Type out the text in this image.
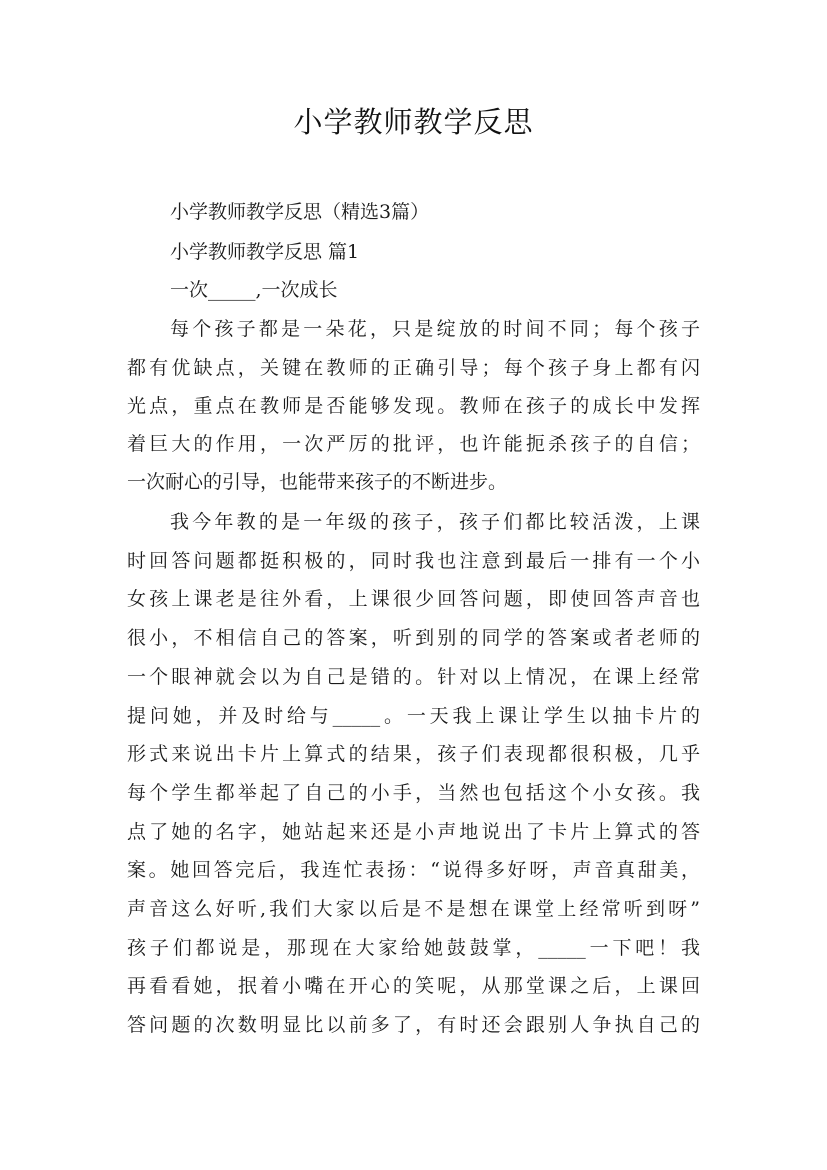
小学教师教学反思

小学教师教学反思（精选3篇）

小学教师教学反思 篇1

一次_____,一次成长

每个孩子都是一朵花，只是绽放的时间不同；每个孩子

都有优缺点，关键在教师的正确引导；每个孩子身上都有闪

光点，重点在教师是否能够发现。教师在孩子的成长中发挥

着巨大的作用，一次严厉的批评，也许能扼杀孩子的自信；

一次耐心的引导，也能带来孩子的不断进步。

我今年教的是一年级的孩子，孩子们都比较活泼，上课

时回答问题都挺积极的，同时我也注意到最后一排有一个小

女孩上课老是往外看，上课很少回答问题，即使回答声音也

很小，不相信自己的答案，听到别的同学的答案或者老师的

一个眼神就会以为自己是错的。针对以上情况，在课上经常

提问她，并及时给与_____。一天我上课让学生以抽卡片的

形式来说出卡片上算式的结果，孩子们表现都很积极，几乎

每个学生都举起了自己的小手，当然也包括这个小女孩。我

点了她的名字，她站起来还是小声地说出了卡片上算式的答

案。她回答完后，我连忙表扬：“说得多好呀，声音真甜美，

声音这么好听,我们大家以后是不是想在课堂上经常听到呀”

孩子们都说是，那现在大家给她鼓鼓掌，_____一下吧！我

再看看她，抿着小嘴在开心的笑呢，从那堂课之后，上课回

答问题的次数明显比以前多了，有时还会跟别人争执自己的
